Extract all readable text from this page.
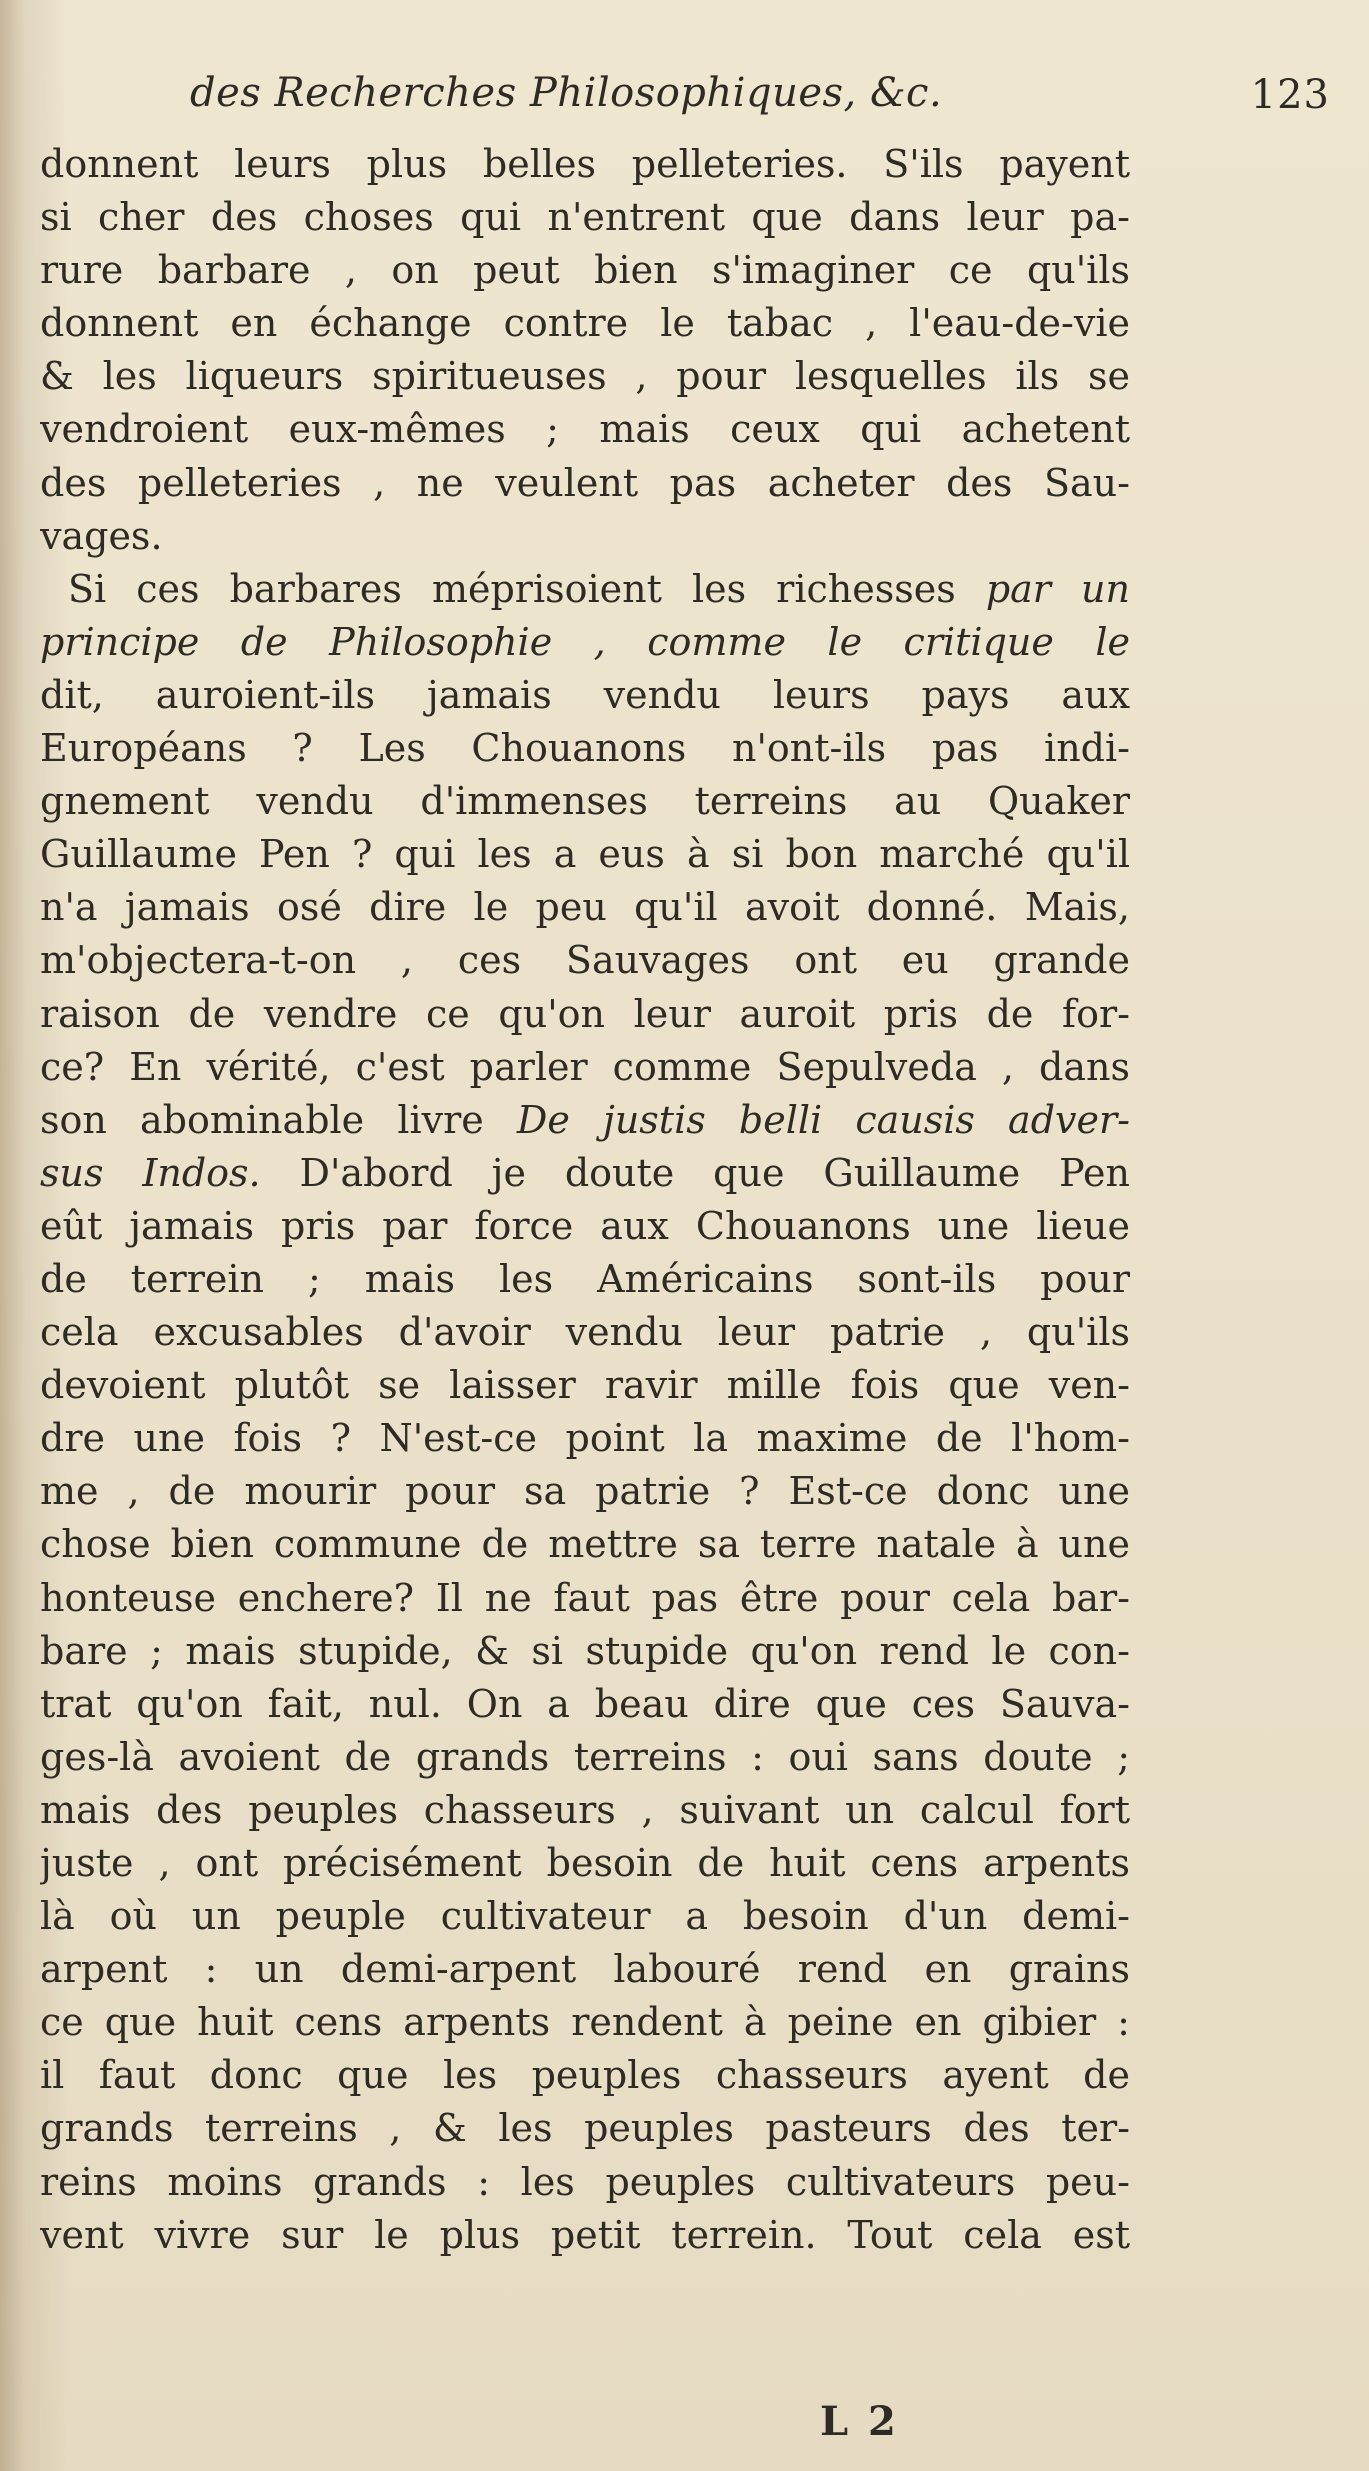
des Recherches Philosophiques, &c.	123
donnent leurs plus belles pelleteries. S'ils payent
si cher des choses qui n'entrent que dans leur pa-
rure barbare , on peut bien s'imaginer ce qu'ils
donnent en échange contre le tabac , l'eau-de-vie
& les liqueurs spiritueuses , pour lesquelles ils se
vendroient eux-mêmes ; mais ceux qui achetent
des pelleteries , ne veulent pas acheter des Sau-
vages.
Si ces barbares méprisoient les richesses par un
principe de Philosophie , comme le critique le
dit, auroient-ils jamais vendu leurs pays aux
Européans ? Les Chouanons n'ont-ils pas indi-
gnement vendu d'immenses terreins au Quaker
Guillaume Pen ? qui les a eus à si bon marché qu'il
n'a jamais osé dire le peu qu'il avoit donné. Mais,
m'objectera-t-on , ces Sauvages ont eu grande
raison de vendre ce qu'on leur auroit pris de for-
ce? En vérité, c'est parler comme Sepulveda , dans
son abominable livre De justis belli causis adver-
sus Indos. D'abord je doute que Guillaume Pen
eût jamais pris par force aux Chouanons une lieue
de terrein ; mais les Américains sont-ils pour
cela excusables d'avoir vendu leur patrie , qu'ils
devoient plutôt se laisser ravir mille fois que ven-
dre une fois ? N'est-ce point la maxime de l'hom-
me , de mourir pour sa patrie ? Est-ce donc une
chose bien commune de mettre sa terre natale à une
honteuse enchere? Il ne faut pas être pour cela bar-
bare ; mais stupide, & si stupide qu'on rend le con-
trat qu'on fait, nul. On a beau dire que ces Sauva-
ges-là avoient de grands terreins : oui sans doute ;
mais des peuples chasseurs , suivant un calcul fort
juste , ont précisément besoin de huit cens arpents
là où un peuple cultivateur a besoin d'un demi-
arpent : un demi-arpent labouré rend en grains
ce que huit cens arpents rendent à peine en gibier :
il faut donc que les peuples chasseurs ayent de
grands terreins , & les peuples pasteurs des ter-
reins moins grands : les peuples cultivateurs peu-
vent vivre sur le plus petit terrein. Tout cela est
L 2
